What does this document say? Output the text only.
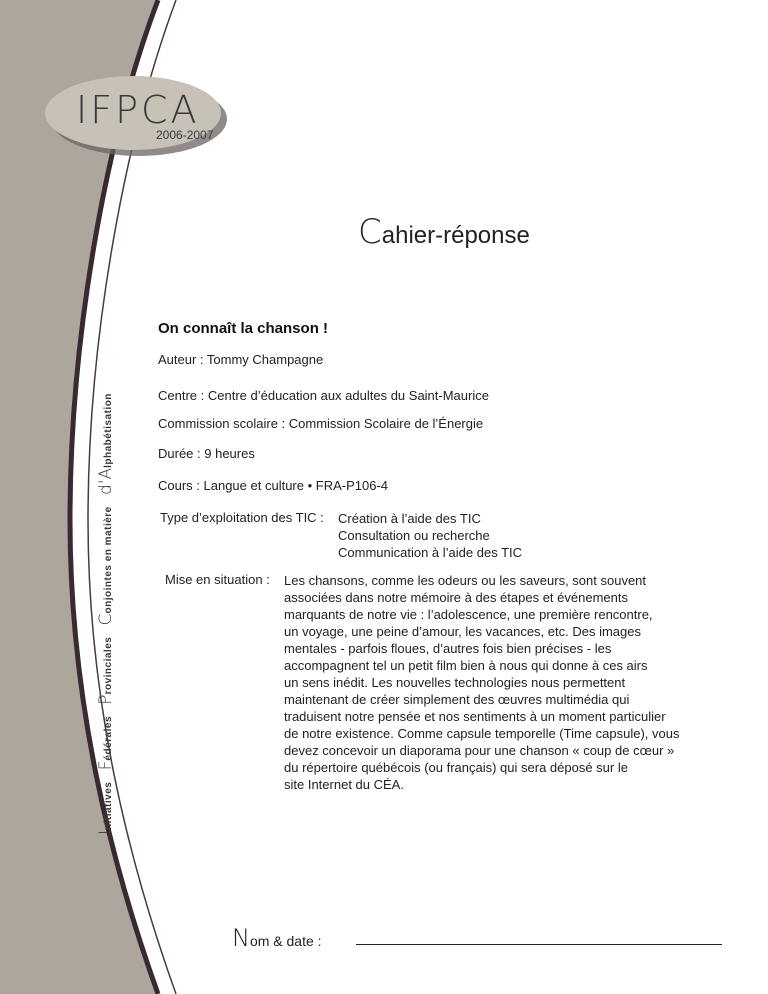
IFPCA
2006-2007
Initiatives Fédérales Provinciales Conjointes en matière d'Alphabétisation
Cahier-réponse
On connaît la chanson !
Auteur : Tommy Champagne
Centre : Centre d’éducation aux adultes du Saint-Maurice
Commission scolaire : Commission Scolaire de l’Énergie
Durée : 9 heures
Cours : Langue et culture • FRA-P106-4
Type d’exploitation des TIC : Création à l’aide des TIC
Consultation ou recherche
Communication à l’aide des TIC
Mise en situation : Les chansons, comme les odeurs ou les saveurs, sont souvent

associées dans notre mémoire à des étapes et événements

marquants de notre vie : l’adolescence, une première rencontre,

un voyage, une peine d’amour, les vacances, etc. Des images

mentales - parfois floues, d’autres fois bien précises - les

accompagnent tel un petit film bien à nous qui donne à ces airs

un sens inédit. Les nouvelles technologies nous permettent

maintenant de créer simplement des œuvres multimédia qui

traduisent notre pensée et nos sentiments à un moment particulier

de notre existence. Comme capsule temporelle (Time capsule), vous

devez concevoir un diaporama pour une chanson « coup de cœur »

du répertoire québécois (ou français) qui sera déposé sur le

site Internet du CÉA.

Nom & date :
